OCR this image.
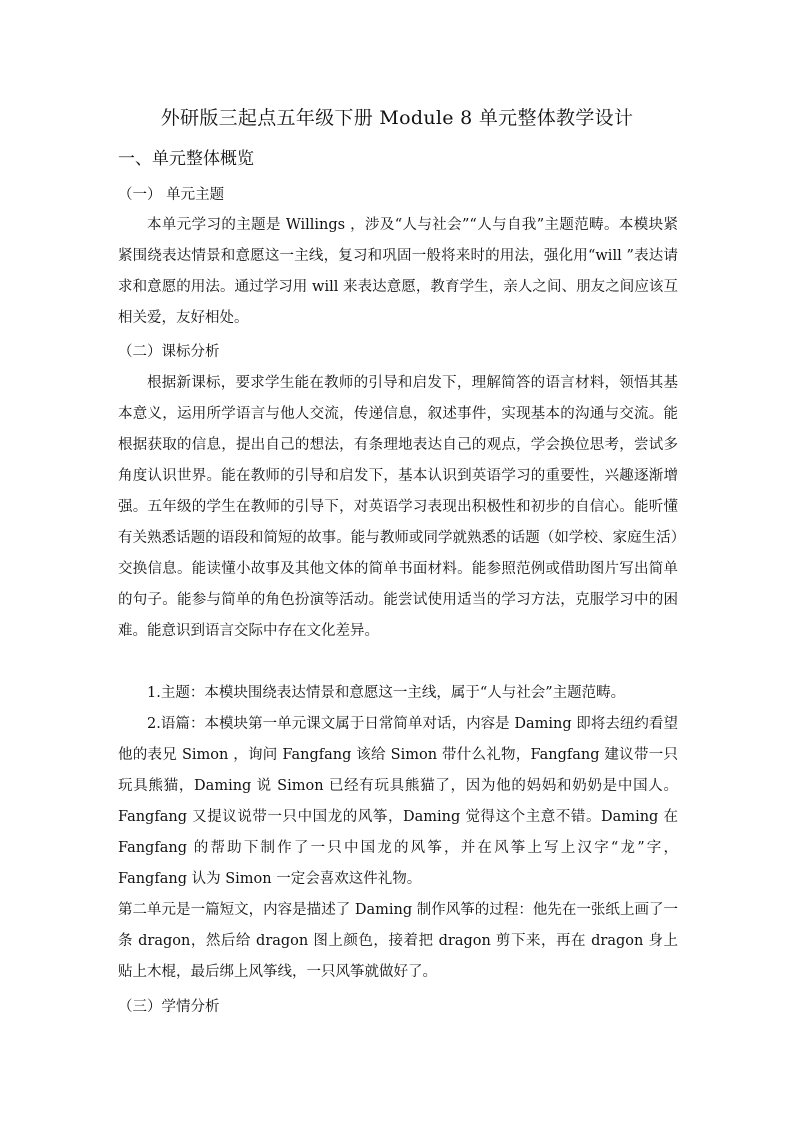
外研版三起点五年级下册 Module 8 单元整体教学设计
一、单元整体概览
（一） 单元主题
本单元学习的主题是 Willings ，涉及“人与社会”“人与自我”主题范畴。本模块紧紧围绕表达情景和意愿这一主线，复习和巩固一般将来时的用法，强化用“will ”表达请求和意愿的用法。通过学习用 will 来表达意愿，教育学生，亲人之间、朋友之间应该互相关爱，友好相处。
（二）课标分析
根据新课标，要求学生能在教师的引导和启发下，理解简答的语言材料，领悟其基本意义，运用所学语言与他人交流，传递信息，叙述事件，实现基本的沟通与交流。能根据获取的信息，提出自己的想法，有条理地表达自己的观点，学会换位思考，尝试多角度认识世界。能在教师的引导和启发下，基本认识到英语学习的重要性，兴趣逐渐增强。五年级的学生在教师的引导下，对英语学习表现出积极性和初步的自信心。能听懂有关熟悉话题的语段和简短的故事。能与教师或同学就熟悉的话题（如学校、家庭生活）交换信息。能读懂小故事及其他文体的简单书面材料。能参照范例或借助图片写出简单的句子。能参与简单的角色扮演等活动。能尝试使用适当的学习方法，克服学习中的困难。能意识到语言交际中存在文化差异。
1.主题：本模块围绕表达情景和意愿这一主线，属于“人与社会”主题范畴。
2.语篇：本模块第一单元课文属于日常简单对话，内容是 Daming 即将去纽约看望他的表兄 Simon ，询问 Fangfang 该给 Simon 带什么礼物，Fangfang 建议带一只玩具熊猫，Daming 说 Simon 已经有玩具熊猫了，因为他的妈妈和奶奶是中国人。Fangfang 又提议说带一只中国龙的风筝，Daming 觉得这个主意不错。Daming 在 Fangfang 的帮助下制作了一只中国龙的风筝，并在风筝上写上汉字“龙”字，Fangfang 认为 Simon 一定会喜欢这件礼物。
第二单元是一篇短文，内容是描述了 Daming 制作风筝的过程：他先在一张纸上画了一条 dragon，然后给 dragon 图上颜色，接着把 dragon 剪下来，再在 dragon 身上贴上木棍，最后绑上风筝线，一只风筝就做好了。
（三）学情分析
